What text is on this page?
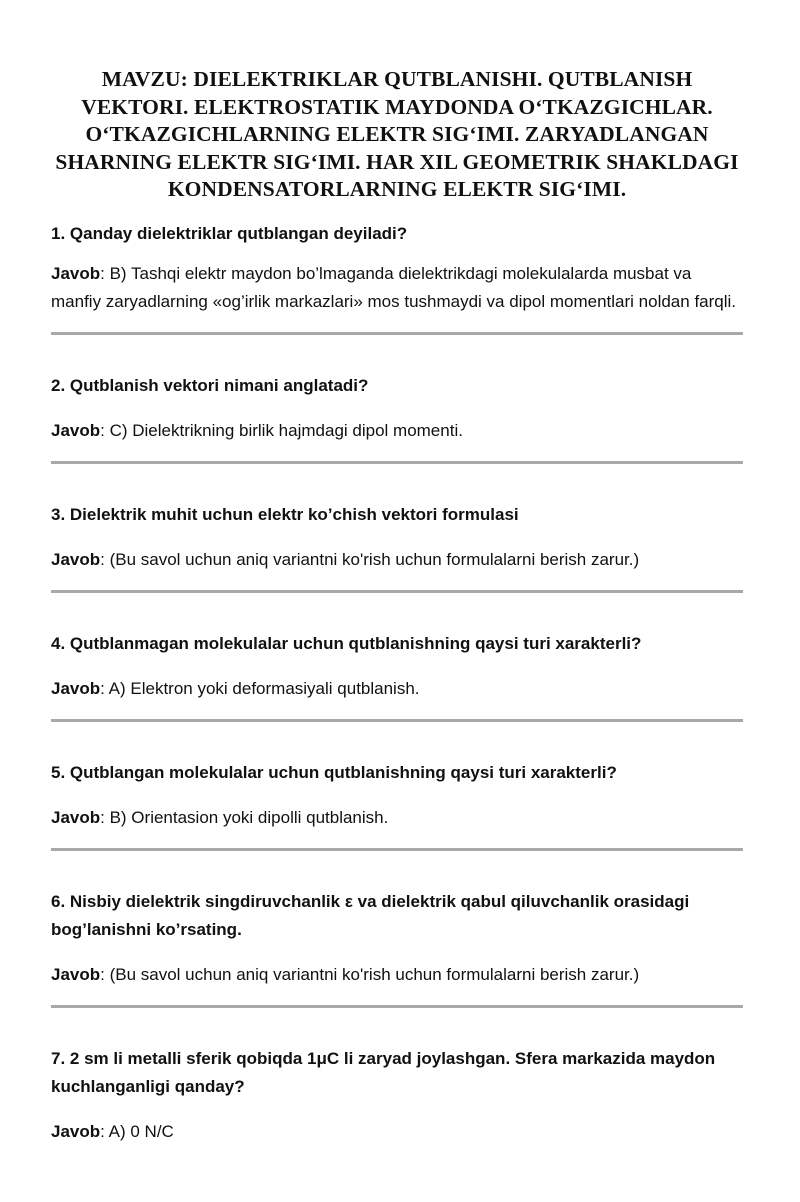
MAVZU: DIELEKTRIKLAR QUTBLANISHI. QUTBLANISH VEKTORI. ELEKTROSTATIK MAYDONDA O‘TKAZGICHLAR. O‘TKAZGICHLARNING ELEKTR SIG‘IMI. ZARYADLANGAN SHARNING ELEKTR SIG‘IMI. HAR XIL GEOMETRIK SHAKLDAGI KONDENSATORLARNING ELEKTR SIG‘IMI.

1. Qanday dielektriklar qutblangan deyiladi?

Javob: B) Tashqi elektr maydon bo’lmaganda dielektrikdagi molekulalarda musbat va manfiy zaryadlarning «og’irlik markazlari» mos tushmaydi va dipol momentlari noldan farqli.

2. Qutblanish vektori nimani anglatadi?

Javob: C) Dielektrikning birlik hajmdagi dipol momenti.

3. Dielektrik muhit uchun elektr ko’chish vektori formulasi

Javob: (Bu savol uchun aniq variantni ko'rish uchun formulalarni berish zarur.)

4. Qutblanmagan molekulalar uchun qutblanishning qaysi turi xarakterli?

Javob: A) Elektron yoki deformasiyali qutblanish.

5. Qutblangan molekulalar uchun qutblanishning qaysi turi xarakterli?

Javob: B) Orientasion yoki dipolli qutblanish.

6. Nisbiy dielektrik singdiruvchanlik ε va dielektrik qabul qiluvchanlik orasidagi bog’lanishni ko’rsating.

Javob: (Bu savol uchun aniq variantni ko'rish uchun formulalarni berish zarur.)

7. 2 sm li metalli sferik qobiqda 1μC li zaryad joylashgan. Sfera markazida maydon kuchlanganligi qanday?

Javob: A) 0 N/C
